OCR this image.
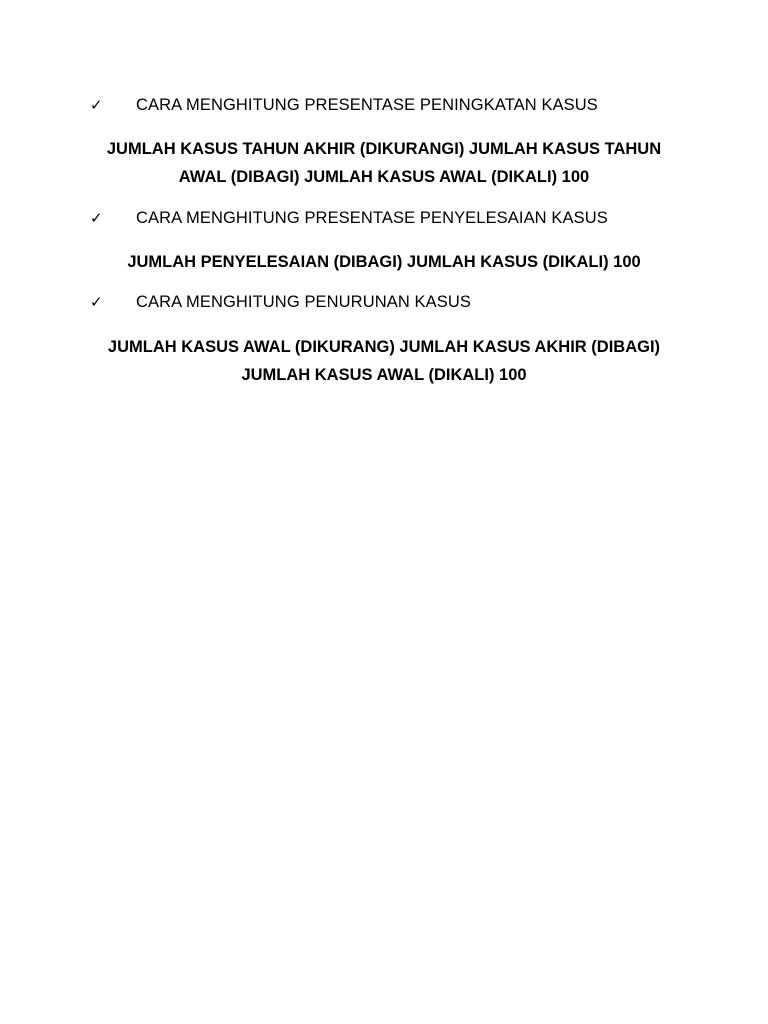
✓	CARA MENGHITUNG PRESENTASE PENINGKATAN KASUS
JUMLAH KASUS TAHUN AKHIR (DIKURANGI) JUMLAH KASUS TAHUN
AWAL (DIBAGI) JUMLAH KASUS AWAL (DIKALI) 100
✓	CARA MENGHITUNG PRESENTASE PENYELESAIAN KASUS
JUMLAH PENYELESAIAN (DIBAGI) JUMLAH KASUS (DIKALI) 100
✓	CARA MENGHITUNG PENURUNAN KASUS
JUMLAH KASUS AWAL (DIKURANG) JUMLAH KASUS AKHIR (DIBAGI)
JUMLAH KASUS AWAL (DIKALI) 100
